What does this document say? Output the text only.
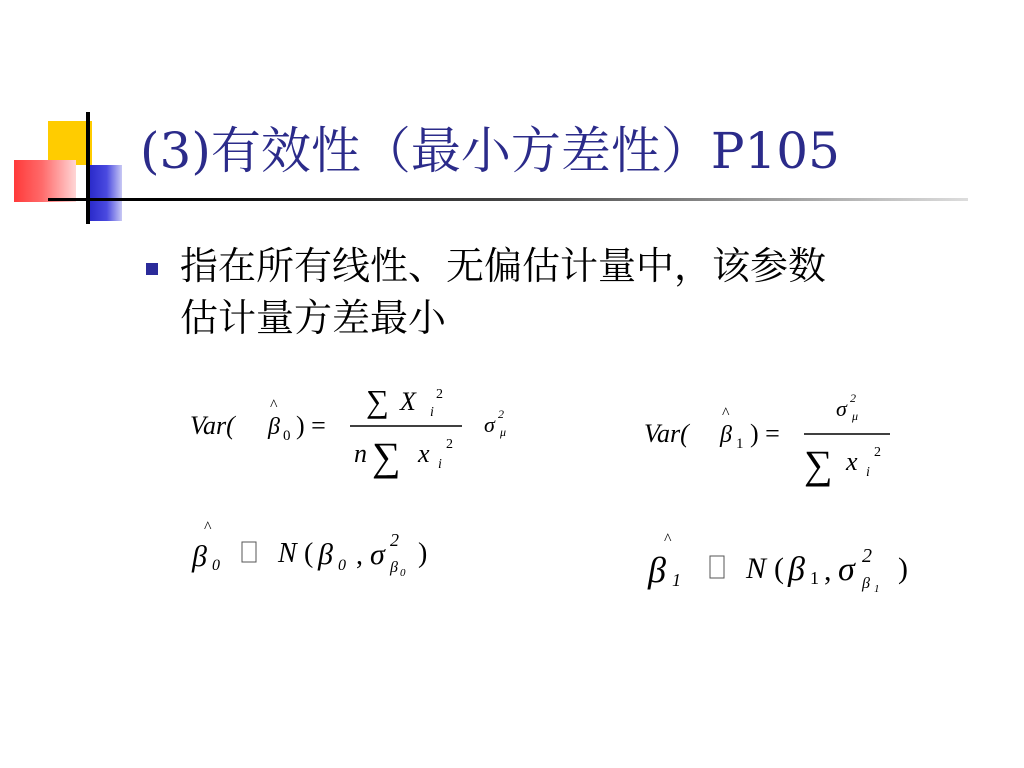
(3)有效性（最小方差性）P105
指在所有线性、无偏估计量中，该参数
估计量方差最小
Var(
^
β 0 ) =
∑ X 2
i
n ∑ x 2
i
σ 2
μ	Var(
^
β 1 ) =
σ 2
μ
∑ x 2
i
^
β 0 N ( β 0 , σ 2
β 0
)	^
β 1 N ( β 1 , σ 2
β 1
)
